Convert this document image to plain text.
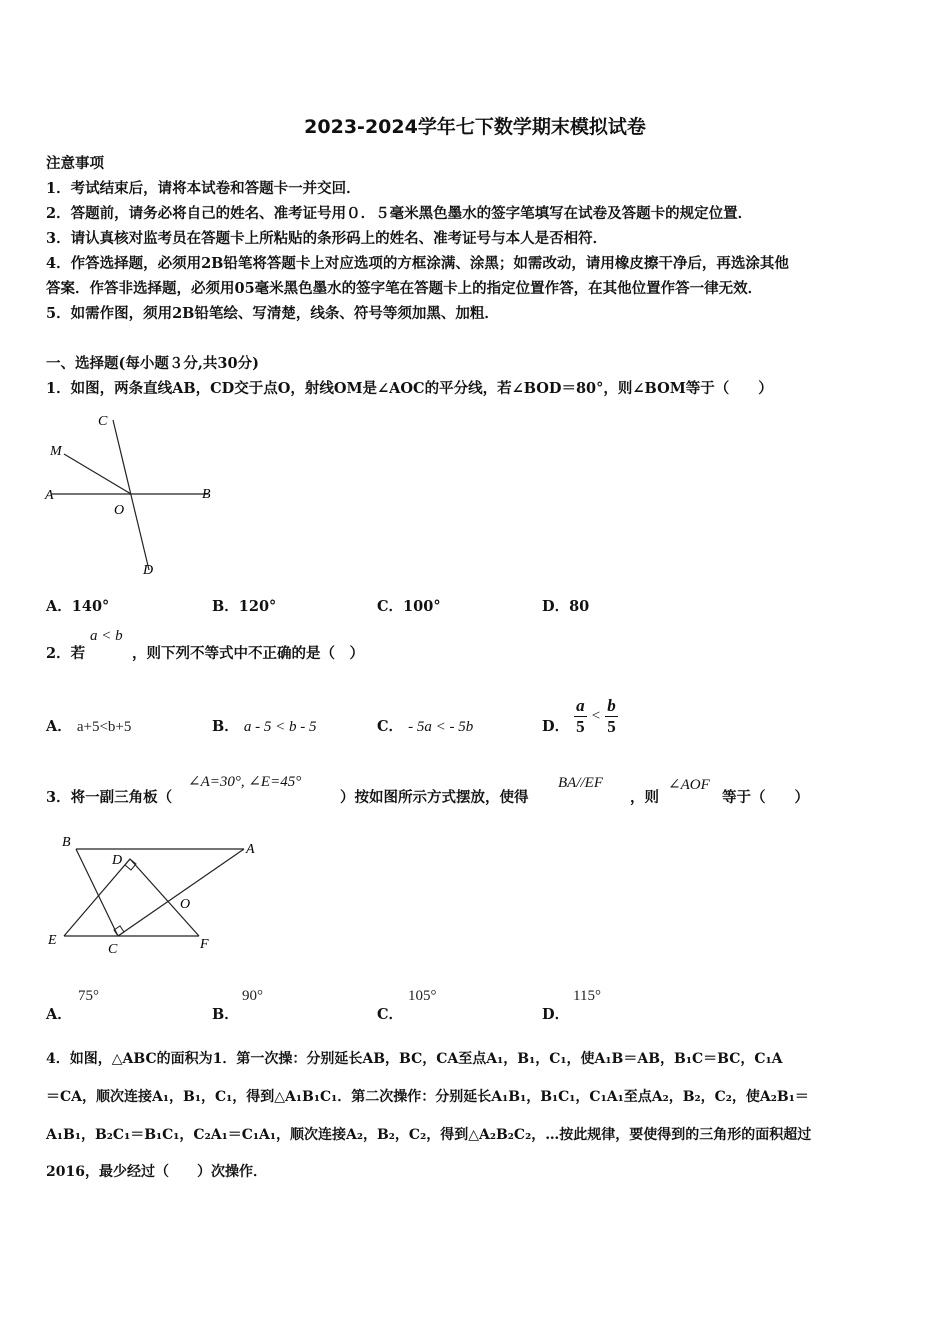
2023-2024学年七下数学期末模拟试卷
注意事项
1．考试结束后，请将本试卷和答题卡一并交回．
2．答题前，请务必将自己的姓名、准考证号用０．５毫米黑色墨水的签字笔填写在试卷及答题卡的规定位置．
3．请认真核对监考员在答题卡上所粘贴的条形码上的姓名、准考证号与本人是否相符．
4．作答选择题，必须用2B铅笔将答题卡上对应选项的方框涂满、涂黑；如需改动，请用橡皮擦干净后，再选涂其他
答案．作答非选择题，必须用05毫米黑色墨水的签字笔在答题卡上的指定位置作答，在其他位置作答一律无效．
5．如需作图，须用2B铅笔绘、写清楚，线条、符号等须加黑、加粗．
一、选择题(每小题３分,共30分)
1．如图，两条直线AB，CD交于点O，射线OM是∠AOC的平分线，若∠BOD＝80°，则∠BOM等于（　　）
C
M
A	B
O
D
A．140°	B．120°	C．100°	D．80
2．若
a < b
，则下列不等式中不正确的是（　）
A． a+5<b+5	B． a - 5 < b - 5	C． - 5a < - 5b	D． $\frac{a}{5} < \frac{b}{5}$
3．将一副三角板（
∠A=30°, ∠E=45°
）按如图所示方式摆放，使得
BA//EF
，则
∠AOF
等于（　　）
B	A
D
O
E
C	F
A．
75°
B．
90°
C．
105°
D．
115°
4．如图，△ABC的面积为1．第一次操：分别延长AB，BC，CA至点A₁，B₁，C₁，使A₁B＝AB，B₁C＝BC，C₁A
＝CA，顺次连接A₁，B₁，C₁，得到△A₁B₁C₁．第二次操作：分别延长A₁B₁，B₁C₁，C₁A₁至点A₂，B₂，C₂，使A₂B₁＝
A₁B₁，B₂C₁＝B₁C₁，C₂A₁＝C₁A₁，顺次连接A₂，B₂，C₂，得到△A₂B₂C₂，…按此规律，要使得到的三角形的面积超过
2016，最少经过（　　）次操作．
